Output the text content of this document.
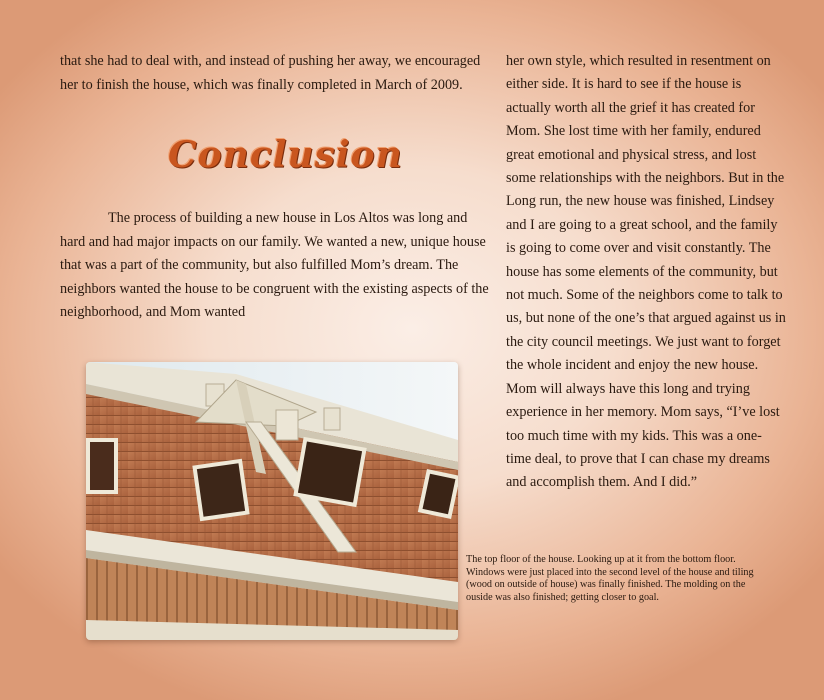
that she had to deal with, and instead of pushing her away, we encouraged her to finish the house, which was finally completed in March of 2009.

Conclusion

The process of building a new house in Los Altos was long and hard and had major impacts on our family. We wanted a new, unique house that was a part of the community, but also fulfilled Mom’s dream. The neighbors wanted the house to be congruent with the existing aspects of the neighborhood, and Mom wanted

her own style, which resulted in resentment on either side. It is hard to see if the house is actually worth all the grief it has created for Mom. She lost time with her family, endured great emotional and physical stress, and lost some relationships with the neighbors. But in the Long run, the new house was finished, Lindsey and I are going to a great school, and the family is going to come over and visit constantly. The house has some elements of the community, but not much. Some of the neighbors come to talk to us, but none of the one’s that argued against us in the city council meetings. We just want to forget the whole incident and enjoy the new house. Mom will always have this long and trying experience in her memory. Mom says, “I’ve lost too much time with my kids. This was a one-time deal, to prove that I can chase my dreams and accomplish them. And I did.”

The top floor of the house. Looking up at it from the bottom floor. Windows were just placed into the second level of the house and tiling (wood on outside of house) was finally finished. The molding on the ouside was also finished; getting closer to goal.
